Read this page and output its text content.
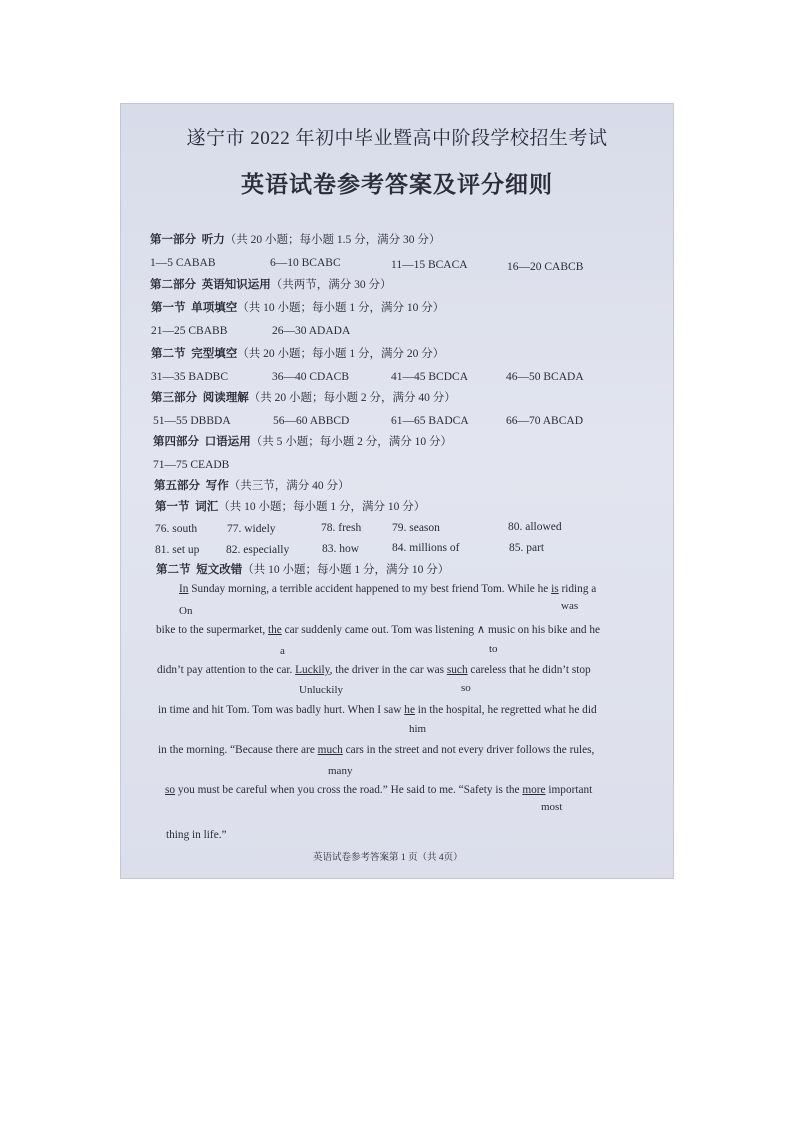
遂宁市 2022 年初中毕业暨高中阶段学校招生考试
英语试卷参考答案及评分细则
第一部分 听力（共 20 小题；每小题 1.5 分，满分 30 分）
1—5 CABAB	6—10 BCABC	11—15 BCACA	16—20 CABCB
第二部分 英语知识运用（共两节，满分 30 分）
第一节 单项填空（共 10 小题；每小题 1 分，满分 10 分）
21—25 CBABB	26—30 ADADA
第二节 完型填空（共 20 小题；每小题 1 分，满分 20 分）
31—35 BADBC	36—40 CDACB	41—45 BCDCA	46—50 BCADA
第三部分 阅读理解（共 20 小题；每小题 2 分，满分 40 分）
51—55 DBBDA	56—60 ABBCD	61—65 BADCA	66—70 ABCAD
第四部分 口语运用（共 5 小题；每小题 2 分，满分 10 分）
71—75 CEADB
第五部分 写作（共三节，满分 40 分）
第一节 词汇（共 10 小题；每小题 1 分，满分 10 分）
76. south	77. widely	78. fresh	79. season	80. allowed
81. set up 82. especially	83. how	84. millions of	85. part
第二节 短文改错（共 10 小题；每小题 1 分，满分 10 分）
In Sunday morning, a terrible accident happened to my best friend Tom. While he is riding a
On	was
bike to the supermarket, the car suddenly came out. Tom was listening ∧ music on his bike and he
a	to
didn’t pay attention to the car. Luckily, the driver in the car was such careless that he didn’t stop
Unluckily	so
in time and hit Tom. Tom was badly hurt. When I saw he in the hospital, he regretted what he did
him
in the morning. “Because there are much cars in the street and not every driver follows the rules,
many
so you must be careful when you cross the road.” He said to me. “Safety is the more important
most
thing in life.”
英语试卷参考答案第 1 页（共 4页）
